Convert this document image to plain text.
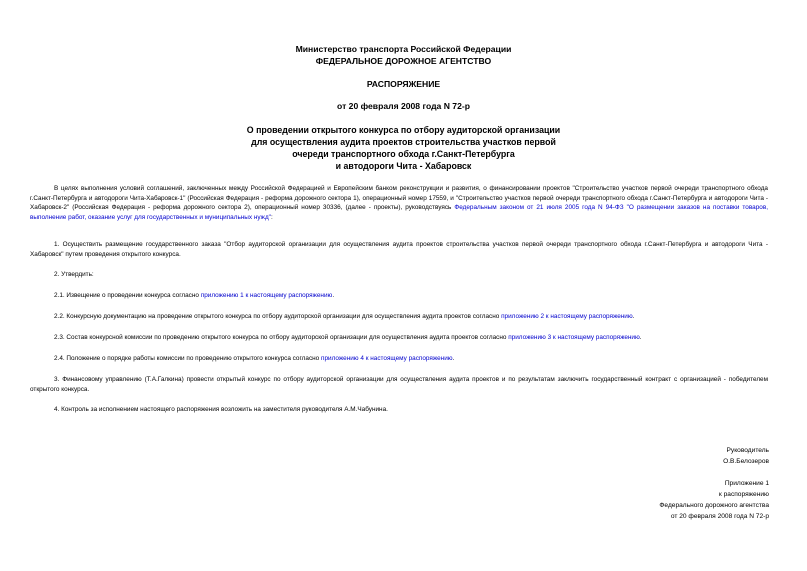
Министерство транспорта Российской Федерации
ФЕДЕРАЛЬНОЕ ДОРОЖНОЕ АГЕНТСТВО
РАСПОРЯЖЕНИЕ
от 20 февраля 2008 года N 72-р
О проведении открытого конкурса по отбору аудиторской организации
для осуществления аудита проектов строительства участков первой
очереди транспортного обхода г.Санкт-Петербурга
и автодороги Чита - Хабаровск
В целях выполнения условий соглашений, заключенных между Российской Федерацией и Европейским банком реконструкции и развития, о финансировании проектов "Строительство участков первой очереди транспортного обхода г.Санкт-Петербурга и автодороги Чита-Хабаровск-1" (Российская Федерация - реформа дорожного сектора 1), операционный номер 17559, и "Строительство участков первой очереди транспортного обхода г.Санкт-Петербурга и автодороги Чита - Хабаровск-2" (Российская Федерация - реформа дорожного сектора 2), операционный номер 30336, (далее - проекты), руководствуясь Федеральным законом от 21 июля 2005 года N 94-ФЗ "О размещении заказов на поставки товаров, выполнение работ, оказание услуг для государственных и муниципальных нужд":
1. Осуществить размещение государственного заказа "Отбор аудиторской организации для осуществления аудита проектов строительства участков первой очереди транспортного обхода г.Санкт-Петербурга и автодороги Чита - Хабаровск" путем проведения открытого конкурса.
2. Утвердить:
2.1. Извещение о проведении конкурса согласно приложению 1 к настоящему распоряжению.
2.2. Конкурсную документацию на проведение открытого конкурса по отбору аудиторской организации для осуществления аудита проектов согласно приложению 2 к настоящему распоряжению.
2.3. Состав конкурсной комиссии по проведению открытого конкурса по отбору аудиторской организации для осуществления аудита проектов согласно приложению 3 к настоящему распоряжению.
2.4. Положение о порядке работы комиссии по проведению открытого конкурса согласно приложению 4 к настоящему распоряжению.
3. Финансовому управлению (Т.А.Галкина) провести открытый конкурс по отбору аудиторской организации для осуществления аудита проектов и по результатам заключить государственный контракт с организацией - победителем открытого конкурса.
4. Контроль за исполнением настоящего распоряжения возложить на заместителя руководителя А.М.Чабунина.
Руководитель
О.В.Белозеров
Приложение 1
к распоряжению
Федерального дорожного агентства
от 20 февраля 2008 года N 72-р
